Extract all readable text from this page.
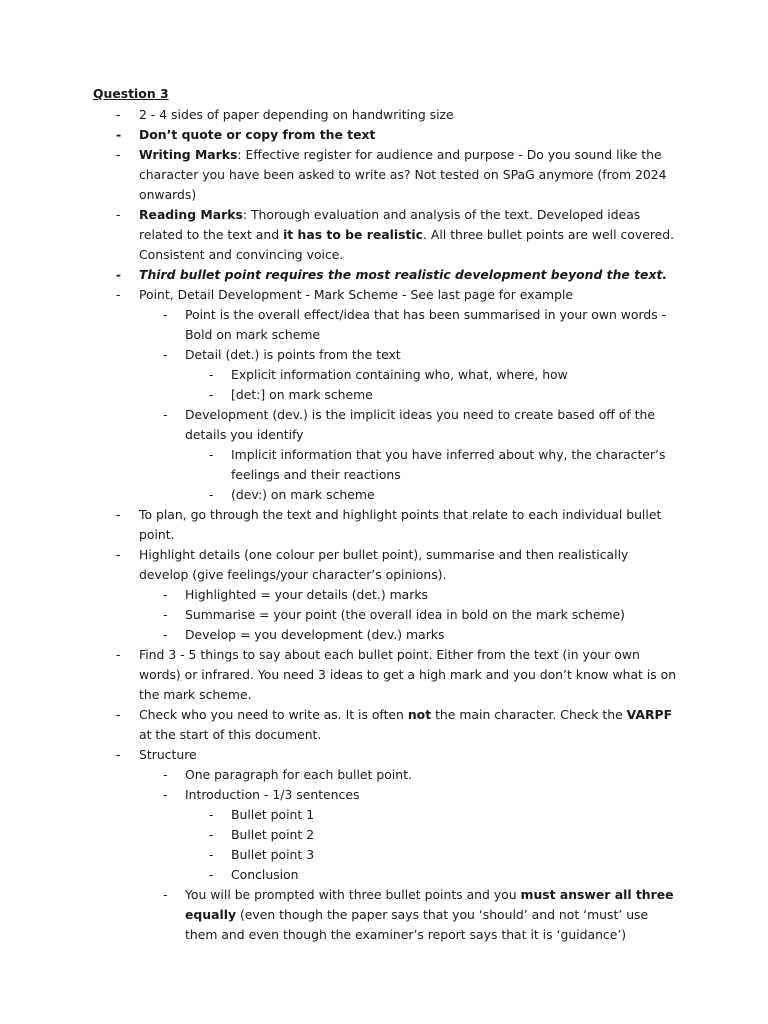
Question 3
- 2 - 4 sides of paper depending on handwriting size
- Don’t quote or copy from the text
- Writing Marks: Effective register for audience and purpose - Do you sound like the character you have been asked to write as? Not tested on SPaG anymore (from 2024 onwards)
- Reading Marks: Thorough evaluation and analysis of the text. Developed ideas related to the text and it has to be realistic. All three bullet points are well covered. Consistent and convincing voice.
- Third bullet point requires the most realistic development beyond the text.
- Point, Detail Development - Mark Scheme - See last page for example
- Point is the overall effect/idea that has been summarised in your own words - Bold on mark scheme
- Detail (det.) is points from the text
- Explicit information containing who, what, where, how
- [det:] on mark scheme
- Development (dev.) is the implicit ideas you need to create based off of the details you identify
- Implicit information that you have inferred about why, the character’s feelings and their reactions
- (dev:) on mark scheme
- To plan, go through the text and highlight points that relate to each individual bullet point.
- Highlight details (one colour per bullet point), summarise and then realistically develop (give feelings/your character’s opinions).
- Highlighted = your details (det.) marks
- Summarise = your point (the overall idea in bold on the mark scheme)
- Develop = you development (dev.) marks
- Find 3 - 5 things to say about each bullet point. Either from the text (in your own words) or infrared. You need 3 ideas to get a high mark and you don’t know what is on the mark scheme.
- Check who you need to write as. It is often not the main character. Check the VARPF at the start of this document.
- Structure
- One paragraph for each bullet point.
- Introduction - 1/3 sentences
- Bullet point 1
- Bullet point 2
- Bullet point 3
- Conclusion
- You will be prompted with three bullet points and you must answer all three equally (even though the paper says that you ‘should’ and not ‘must’ use them and even though the examiner’s report says that it is ‘guidance’)
